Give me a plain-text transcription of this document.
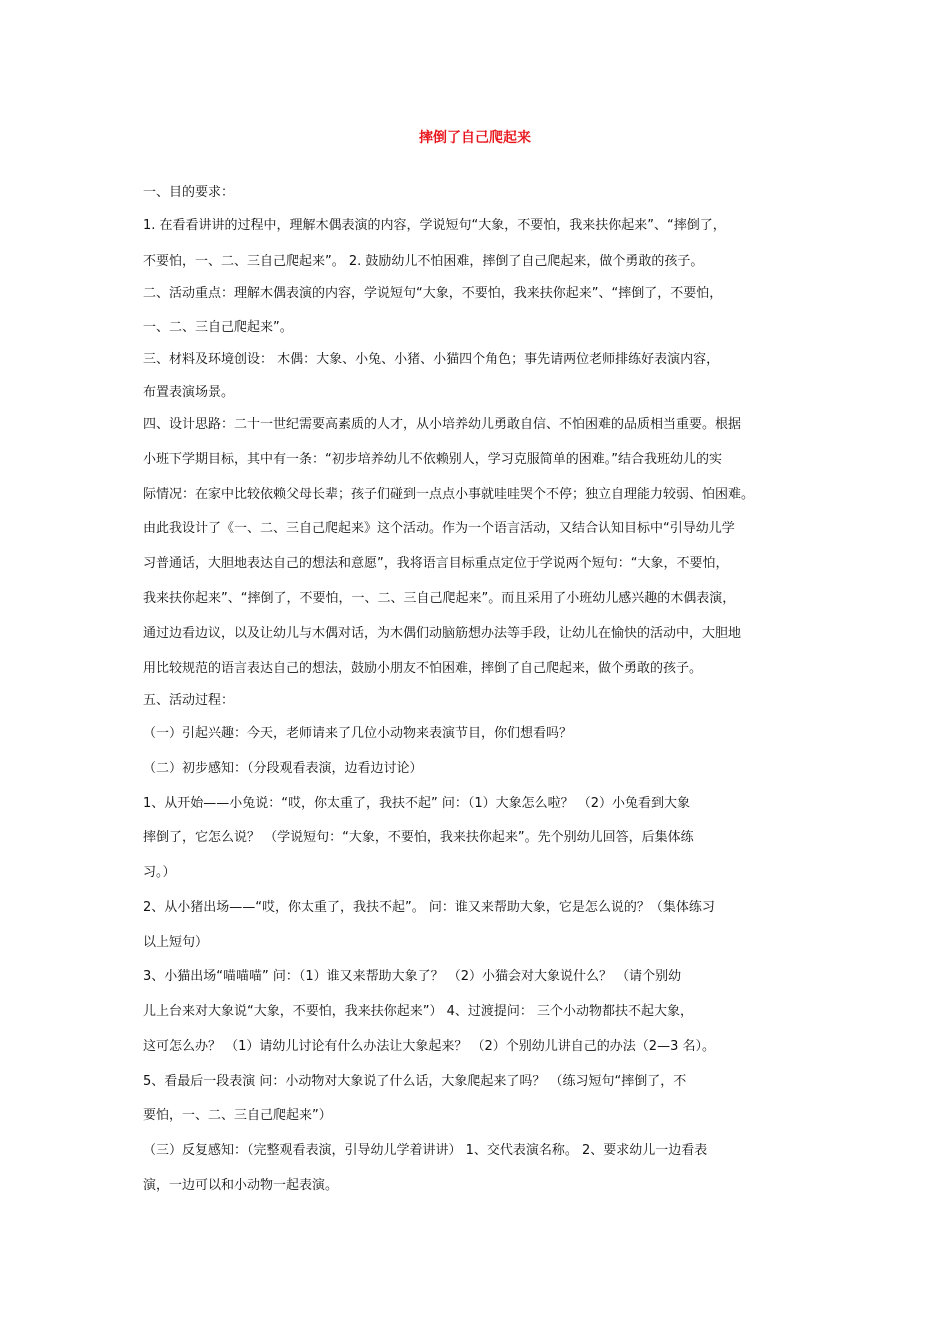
摔倒了自己爬起来
一、目的要求：
1. 在看看讲讲的过程中，理解木偶表演的内容，学说短句“大象，不要怕，我来扶你起来”、“摔倒了，
不要怕，一、二、三自己爬起来”。 2. 鼓励幼儿不怕困难，摔倒了自己爬起来，做个勇敢的孩子。
二、活动重点：理解木偶表演的内容，学说短句“大象，不要怕，我来扶你起来”、“摔倒了，不要怕，
一、二、三自己爬起来”。
三、材料及环境创设： 木偶：大象、小兔、小猪、小猫四个角色；事先请两位老师排练好表演内容，
布置表演场景。
四、设计思路：二十一世纪需要高素质的人才，从小培养幼儿勇敢自信、不怕困难的品质相当重要。根据
小班下学期目标，其中有一条：“初步培养幼儿不依赖别人，学习克服简单的困难。”结合我班幼儿的实
际情况：在家中比较依赖父母长辈；孩子们碰到一点点小事就哇哇哭个不停；独立自理能力较弱、怕困难。
由此我设计了《一、二、三自己爬起来》这个活动。作为一个语言活动，又结合认知目标中“引导幼儿学
习普通话，大胆地表达自己的想法和意愿”，我将语言目标重点定位于学说两个短句：“大象，不要怕，
我来扶你起来”、“摔倒了，不要怕，一、二、三自己爬起来”。而且采用了小班幼儿感兴趣的木偶表演，
通过边看边议，以及让幼儿与木偶对话，为木偶们动脑筋想办法等手段，让幼儿在愉快的活动中，大胆地
用比较规范的语言表达自己的想法，鼓励小朋友不怕困难，摔倒了自己爬起来，做个勇敢的孩子。
五、活动过程：
（一）引起兴趣：今天，老师请来了几位小动物来表演节目，你们想看吗？
（二）初步感知：（分段观看表演，边看边讨论）
1、从开始——小兔说：“哎，你太重了，我扶不起” 问：（1）大象怎么啦？ （2）小兔看到大象
摔倒了，它怎么说？ （学说短句：“大象，不要怕，我来扶你起来”。先个别幼儿回答，后集体练
习。）
2、从小猪出场——“哎，你太重了，我扶不起”。 问：谁又来帮助大象，它是怎么说的？（集体练习
以上短句）
3、小猫出场“喵喵喵” 问：（1）谁又来帮助大象了？ （2）小猫会对大象说什么？ （请个别幼
儿上台来对大象说“大象，不要怕，我来扶你起来”） 4、过渡提问： 三个小动物都扶不起大象，
这可怎么办？ （1）请幼儿讨论有什么办法让大象起来？ （2）个别幼儿讲自己的办法（2—3 名）。
5、看最后一段表演 问：小动物对大象说了什么话，大象爬起来了吗？ （练习短句“摔倒了，不
要怕，一、二、三自己爬起来”）
（三）反复感知：（完整观看表演，引导幼儿学着讲讲） 1、交代表演名称。 2、要求幼儿一边看表
演，一边可以和小动物一起表演。
